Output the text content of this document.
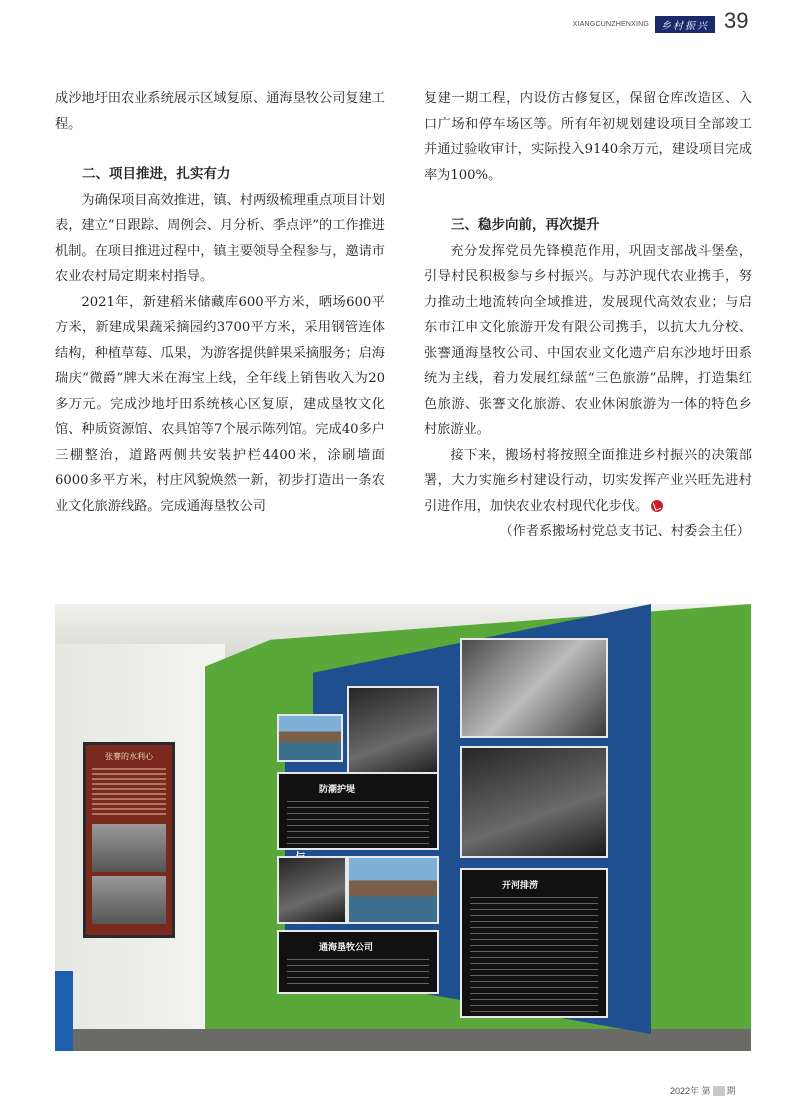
XIANGCUNZHENXING	乡村振兴 39

成沙地圩田农业系统展示区域复原、通海垦牧公司复建工程。

二、项目推进，扎实有力

为确保项目高效推进，镇、村两级梳理重点项目计划表，建立“日跟踪、周例会、月分析、季点评”的工作推进机制。在项目推进过程中，镇主要领导全程参与，邀请市农业农村局定期来村指导。

2021年，新建稻米储藏库600平方米，晒场600平方米，新建成果蔬采摘园约3700平方米，采用钢管连体结构，种植草莓、瓜果，为游客提供鲜果采摘服务；启海瑞庆“微爵”牌大米在海宝上线，全年线上销售收入为20多万元。完成沙地圩田系统核心区复原，建成垦牧文化馆、种质资源馆、农具馆等7个展示陈列馆。完成40多户三棚整治，道路两侧共安装护栏4400米，涂刷墙面6000多平方米，村庄风貌焕然一新，初步打造出一条农业文化旅游线路。完成通海垦牧公司

复建一期工程，内设仿古修复区，保留仓库改造区、入口广场和停车场区等。所有年初规划建设项目全部竣工并通过验收审计，实际投入9140余万元，建设项目完成率为100%。

三、稳步向前，再次提升

充分发挥党员先锋模范作用，巩固支部战斗堡垒，引导村民积极参与乡村振兴。与苏沪现代农业携手，努力推动土地流转向全域推进，发展现代高效农业；与启东市江申文化旅游开发有限公司携手，以抗大九分校、张謇通海垦牧公司、中国农业文化遗产启东沙地圩田系统为主线，着力发展红绿蓝“三色旅游”品牌，打造集红色旅游、张謇文化旅游、农业休闲旅游为一体的特色乡村旅游业。

接下来，搬场村将按照全面推进乡村振兴的决策部署，大力实施乡村建设行动，切实发挥产业兴旺先进村引进作用，加快农业农村现代化步伐。

（作者系搬场村党总支书记、村委会主任）

张謇的水利心
防潮护堤
通海垦牧公司
开河排涝
2022年 第 期
